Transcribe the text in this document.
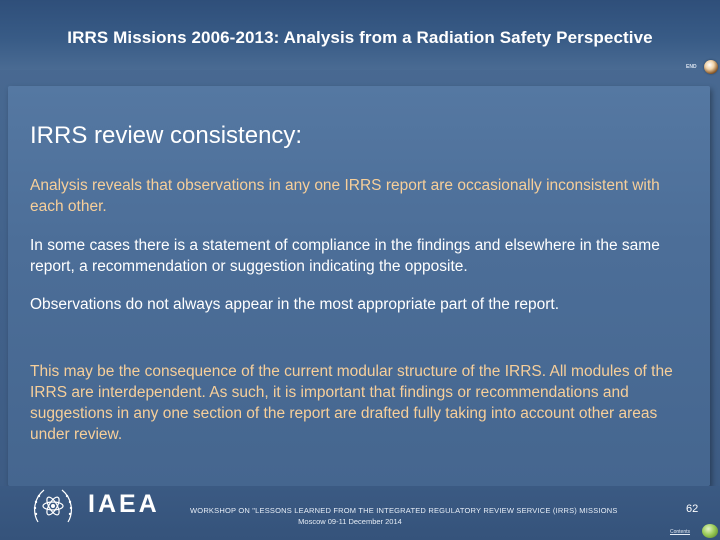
IRRS Missions 2006-2013: Analysis from a Radiation Safety Perspective
END
IRRS review consistency:

Analysis reveals that observations in any one IRRS report are occasionally inconsistent with each other.

In some cases there is a statement of compliance in the findings and elsewhere in the same report, a recommendation or suggestion indicating the opposite.

Observations do not always appear in the most appropriate part of the report.

This may be the consequence of the current modular structure of the IRRS. All modules of the IRRS are interdependent. As such, it is important that findings or recommendations and suggestions in any one section of the report are drafted fully taking into account other areas under review.

IAEA	WORKSHOP ON "LESSONS LEARNED FROM THE INTEGRATED REGULATORY REVIEW SERVICE (IRRS) MISSIONS
Moscow 09-11 December 2014
62
Contents
